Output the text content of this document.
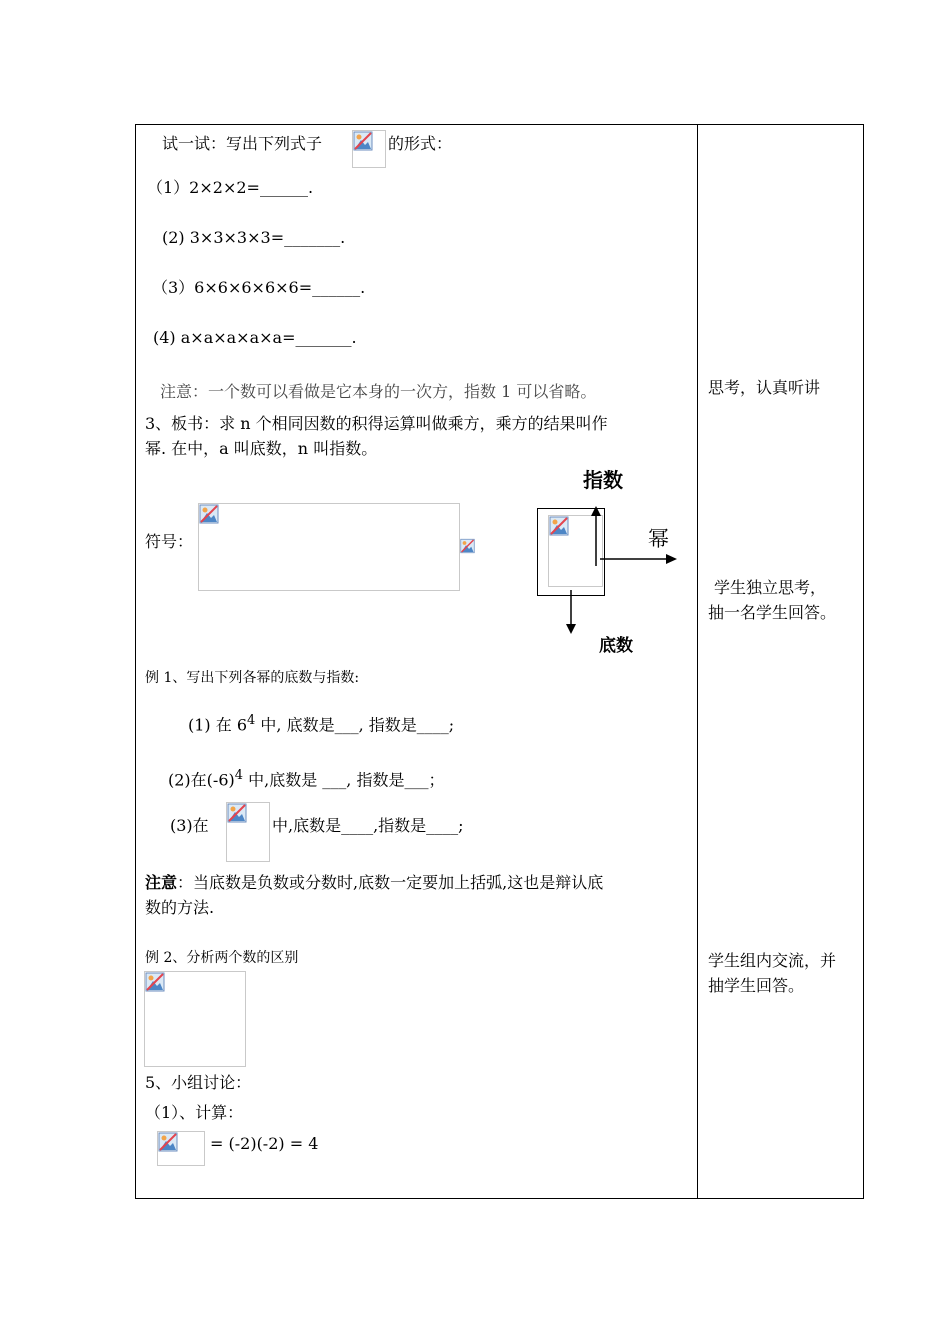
试一试：写出下列式子	的形式：
（1）2×2×2=______.
(2) 3×3×3×3=_______.
（3）6×6×6×6×6=______.
(4) a×a×a×a×a=_______.
注意：一个数可以看做是它本身的一次方，指数 1 可以省略。
3、板书：求 n 个相同因数的积得运算叫做乘方，乘方的结果叫作
幂. 在中，a 叫底数，n 叫指数。
指数
幂
底数
符号：
例 1、写出下列各幂的底数与指数:
(1) 在 $6^4$ 中, 底数是___, 指数是____;
(2)在$(-6)^4$ 中,底数是 ___, 指数是___；
(3)在	中,底数是____,指数是____;
注意：当底数是负数或分数时,底数一定要加上括弧,这也是辩认底
数的方法.
例 2、分析两个数的区别
5、小组讨论：
（1）、计算：
= (-2)(-2) = 4
思考，认真听讲
学生独立思考，
抽一名学生回答。
学生组内交流，并
抽学生回答。
